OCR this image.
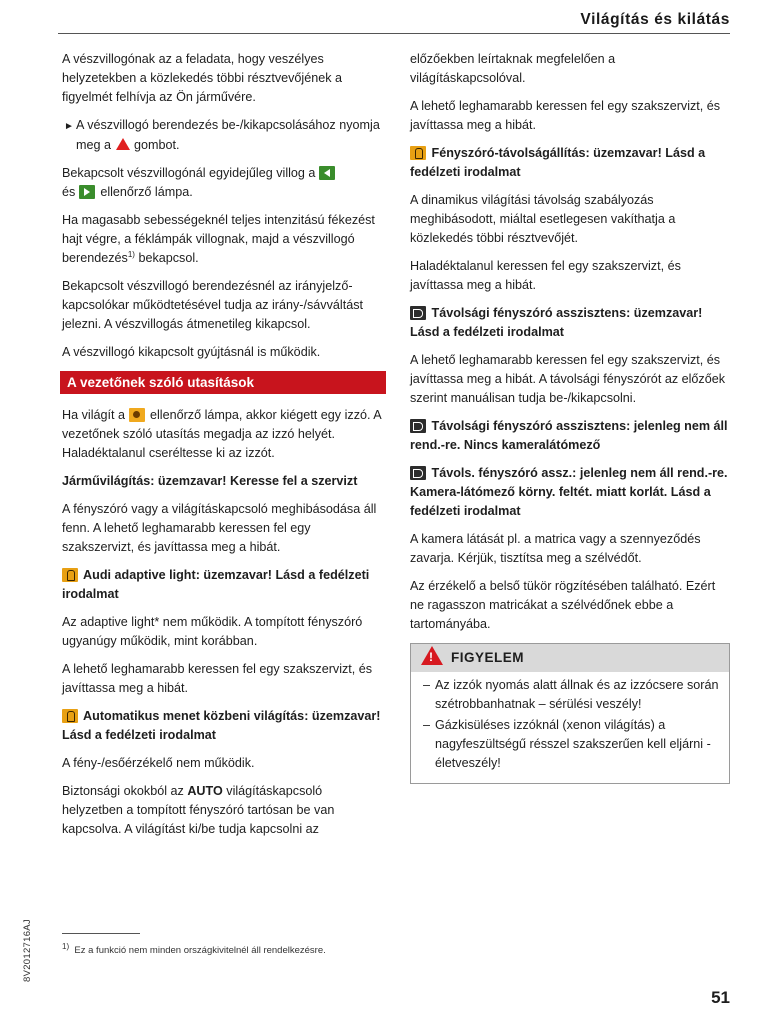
Világítás és kilátás

A vészvillogónak az a feladata, hogy veszélyes helyzetekben a közlekedés többi résztvevőjének a figyelmét felhívja az Ön járművére.

► A vészvillogó berendezés be-/kikapcsolásához nyomja meg a gombot.

Bekapcsolt vészvillogónál egyidejűleg villog a
és ellenőrző lámpa.

Ha magasabb sebességeknél teljes intenzitású fékezést hajt végre, a féklámpák villognak, majd a vészvillogó berendezés$^{1)}$ bekapcsol.

Bekapcsolt vészvillogó berendezésnél az irányjelző-kapcsolókar működtetésével tudja az irány-/sávváltást jelezni. A vészvillogás átmenetileg kikapcsol.

A vészvillogó kikapcsolt gyújtásnál is működik.

A vezetőnek szóló utasítások

Ha világít a ellenőrző lámpa, akkor kiégett egy izzó. A vezetőnek szóló utasítás megadja az izzó helyét. Haladéktalanul cseréltesse ki az izzót.

Járművilágítás: üzemzavar! Keresse fel a szervizt

A fényszóró vagy a világításkapcsoló meghibásodása áll fenn. A lehető leghamarabb keressen fel egy szakszervizt, és javíttassa meg a hibát.

Audi adaptive light: üzemzavar! Lásd a fedélzeti irodalmat

Az adaptive light* nem működik. A tompított fényszóró ugyanúgy működik, mint korábban.

A lehető leghamarabb keressen fel egy szakszervizt, és javíttassa meg a hibát.

Automatikus menet közbeni világítás: üzemzavar! Lásd a fedélzeti irodalmat

A fény-/esőérzékelő nem működik.

Biztonsági okokból az AUTO világításkapcsoló helyzetben a tompított fényszóró tartósan be van kapcsolva. A világítást ki/be tudja kapcsolni az

előzőekben leírtaknak megfelelően a világításkapcsolóval.

A lehető leghamarabb keressen fel egy szakszervizt, és javíttassa meg a hibát.

Fényszóró-távolságállítás: üzemzavar! Lásd a fedélzeti irodalmat

A dinamikus világítási távolság szabályozás meghibásodott, miáltal esetlegesen vakíthatja a közlekedés többi résztvevőjét.

Haladéktalanul keressen fel egy szakszervizt, és javíttassa meg a hibát.

Távolsági fényszóró asszisztens: üzemzavar! Lásd a fedélzeti irodalmat

A lehető leghamarabb keressen fel egy szakszervizt, és javíttassa meg a hibát. A távolsági fényszórót az előzőek szerint manuálisan tudja be-/kikapcsolni.

Távolsági fényszóró asszisztens: jelenleg nem áll rend.-re. Nincs kameralátómező

Távols. fényszóró assz.: jelenleg nem áll rend.-re. Kamera-látómező körny. feltét. miatt korlát. Lásd a fedélzeti irodalmat

A kamera látását pl. a matrica vagy a szennyeződés zavarja. Kérjük, tisztítsa meg a szélvédőt.

Az érzékelő a belső tükör rögzítésében található. Ezért ne ragasszon matricákat a szélvédőnek ebbe a tartományába.

!FIGYELEM
– Az izzók nyomás alatt állnak és az izzócsere során szétrobbanhatnak – sérülési veszély!
– Gázkisüléses izzóknál (xenon világítás) a nagyfeszültségű résszel szakszerűen kell eljárni - életveszély!
$^{1)}$ Ez a funkció nem minden országkivitelnél áll rendelkezésre.
8V2012716AJ
51
